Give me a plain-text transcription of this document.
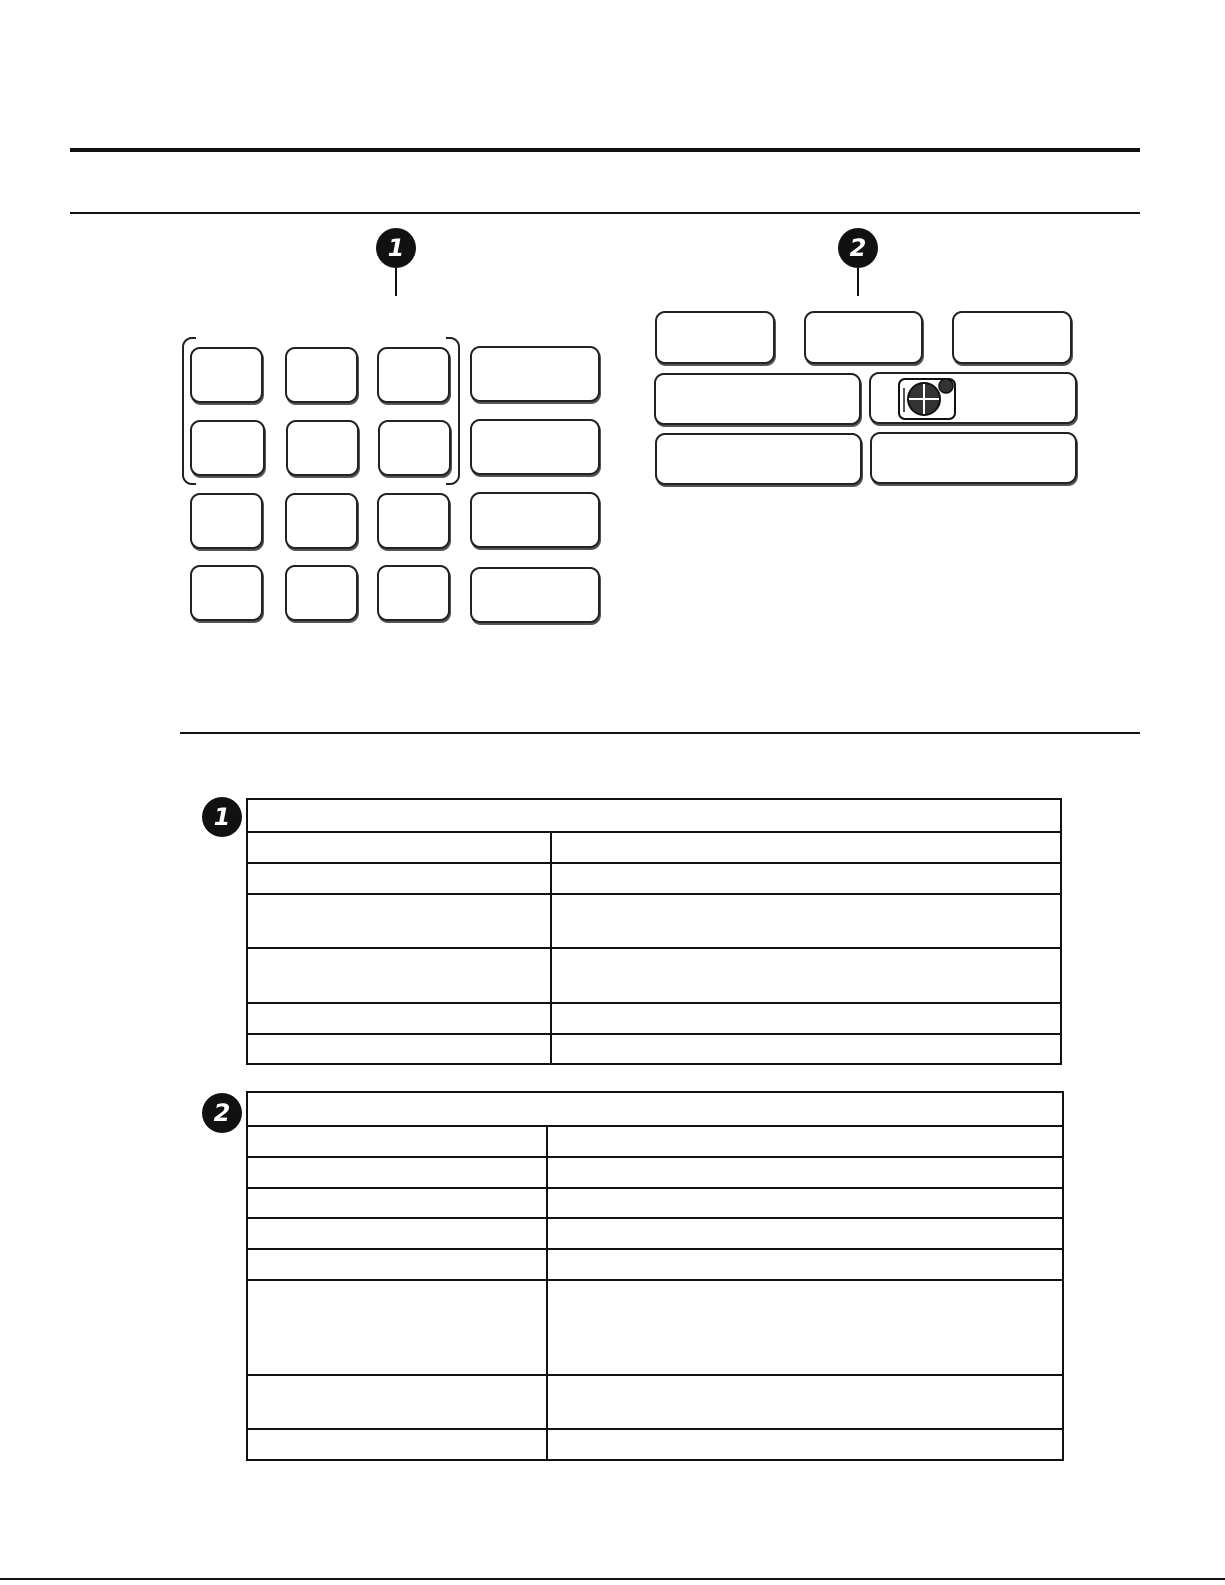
1	2
1

2
